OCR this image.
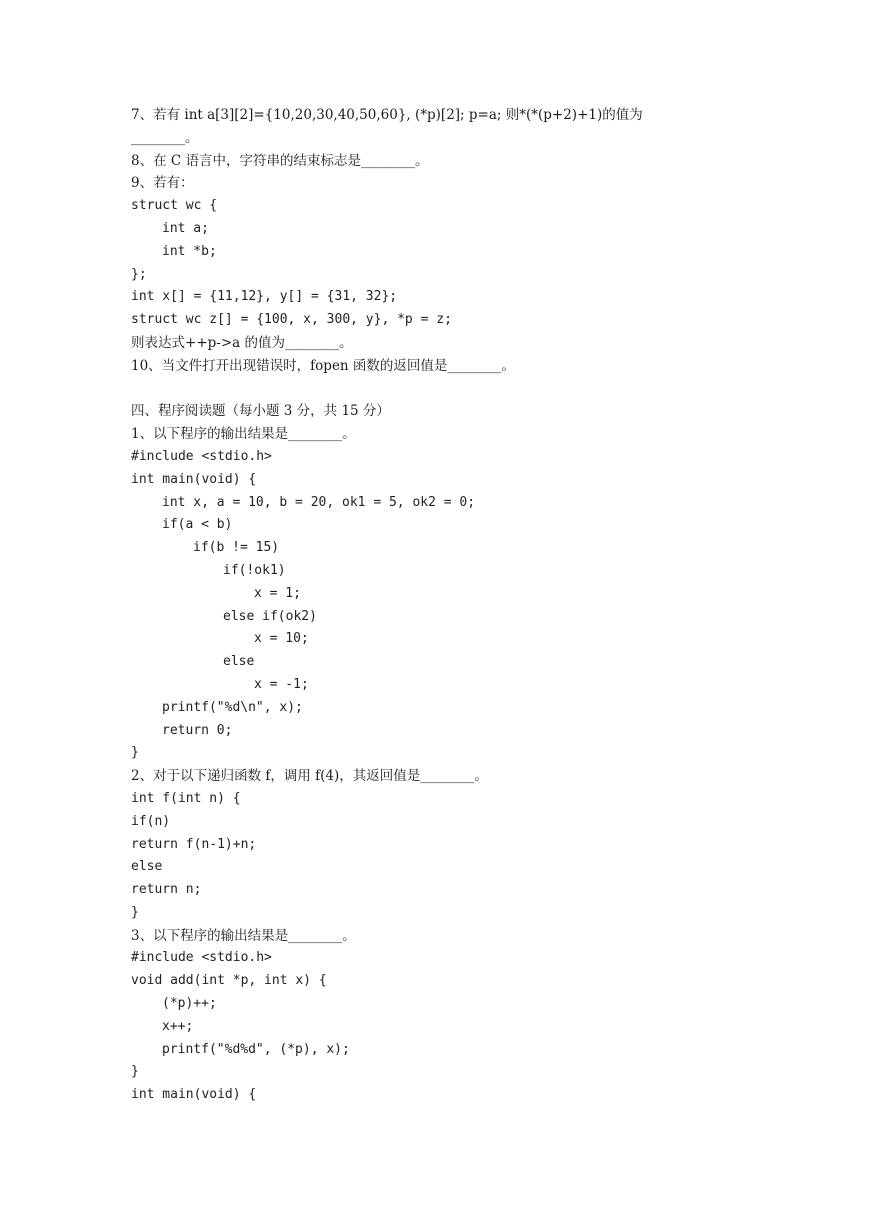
7、若有 int a[3][2]={10,20,30,40,50,60}, (*p)[2]; p=a; 则*(*(p+2)+1)的值为
________。
8、在 C 语言中，字符串的结束标志是________。
9、若有：
struct wc {
int a;
int *b;
};
int x[] = {11,12}, y[] = {31, 32};
struct wc z[] = {100, x, 300, y}, *p = z;
则表达式++p->a 的值为________。
10、当文件打开出现错误时，fopen 函数的返回值是________。
四、程序阅读题（每小题 3 分，共 15 分）
1、以下程序的输出结果是________。
#include <stdio.h>
int main(void) {
int x, a = 10, b = 20, ok1 = 5, ok2 = 0;
if(a < b)
if(b != 15)
if(!ok1)
x = 1;
else if(ok2)
x = 10;
else
x = -1;
printf("%d\n", x);
return 0;
}
2、对于以下递归函数 f，调用 f(4)，其返回值是________。
int f(int n) {
if(n)
return f(n-1)+n;
else
return n;
}
3、以下程序的输出结果是________。
#include <stdio.h>
void add(int *p, int x) {
(*p)++;
x++;
printf("%d%d", (*p), x);
}
int main(void) {
